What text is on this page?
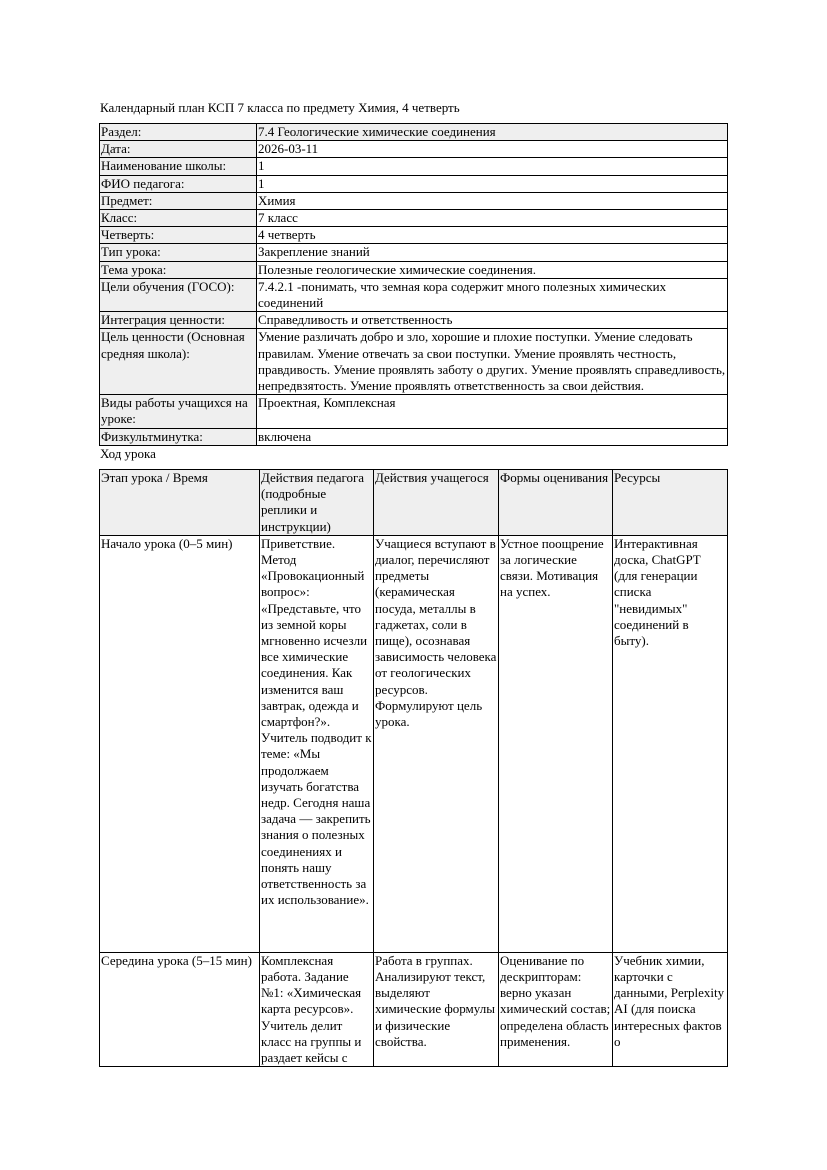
Календарный план КСП 7 класса по предмету Химия, 4 четверть
Раздел:	7.4 Геологические химические соединения
Дата:	2026-03-11
Наименование школы:	1
ФИО педагога:	1
Предмет:	Химия
Класс:	7 класс
Четверть:	4 четверть
Тип урока:	Закрепление знаний
Тема урока:	Полезные геологические химические соединения.
Цели обучения (ГОСО):	7.4.2.1 -понимать, что земная кора содержит много полезных химических соединений
Интеграция ценности:	Справедливость и ответственность
Цель ценности (Основная средняя школа):	Умение различать добро и зло, хорошие и плохие поступки. Умение следовать правилам. Умение отвечать за свои поступки. Умение проявлять честность, правдивость. Умение проявлять заботу о других. Умение проявлять справедливость, непредвзятость. Умение проявлять ответственность за свои действия.
Виды работы учащихся на уроке:	Проектная, Комплексная
Физкультминутка:	включена
Ход урока
Этап урока / Время	Действия педагога (подробные реплики и инструкции)	Действия учащегося	Формы оценивания	Ресурсы
Начало урока (0–5 мин)	Приветствие. Метод «Провокационный вопрос»: «Представьте, что из земной коры мгновенно исчезли все химические соединения. Как изменится ваш завтрак, одежда и смартфон?». Учитель подводит к теме: «Мы продолжаем изучать богатства недр. Сегодня наша задача — закрепить знания о полезных соединениях и понять нашу ответственность за их использование».	Учащиеся вступают в диалог, перечисляют предметы (керамическая посуда, металлы в гаджетах, соли в пище), осознавая зависимость человека от геологических ресурсов. Формулируют цель урока.	Устное поощрение за логические связи. Мотивация на успех.	Интерактивная доска, ChatGPT (для генерации списка "невидимых" соединений в быту).

Середина урока (5–15 мин)	Комплексная работа. Задание №1: «Химическая карта ресурсов». Учитель делит класс на группы и раздает кейсы с	Работа в группах. Анализируют текст, выделяют химические формулы и физические свойства.	Оценивание по дескрипторам: верно указан химический состав; определена область применения.	Учебник химии, карточки с данными, Perplexity AI (для поиска интересных фактов о
